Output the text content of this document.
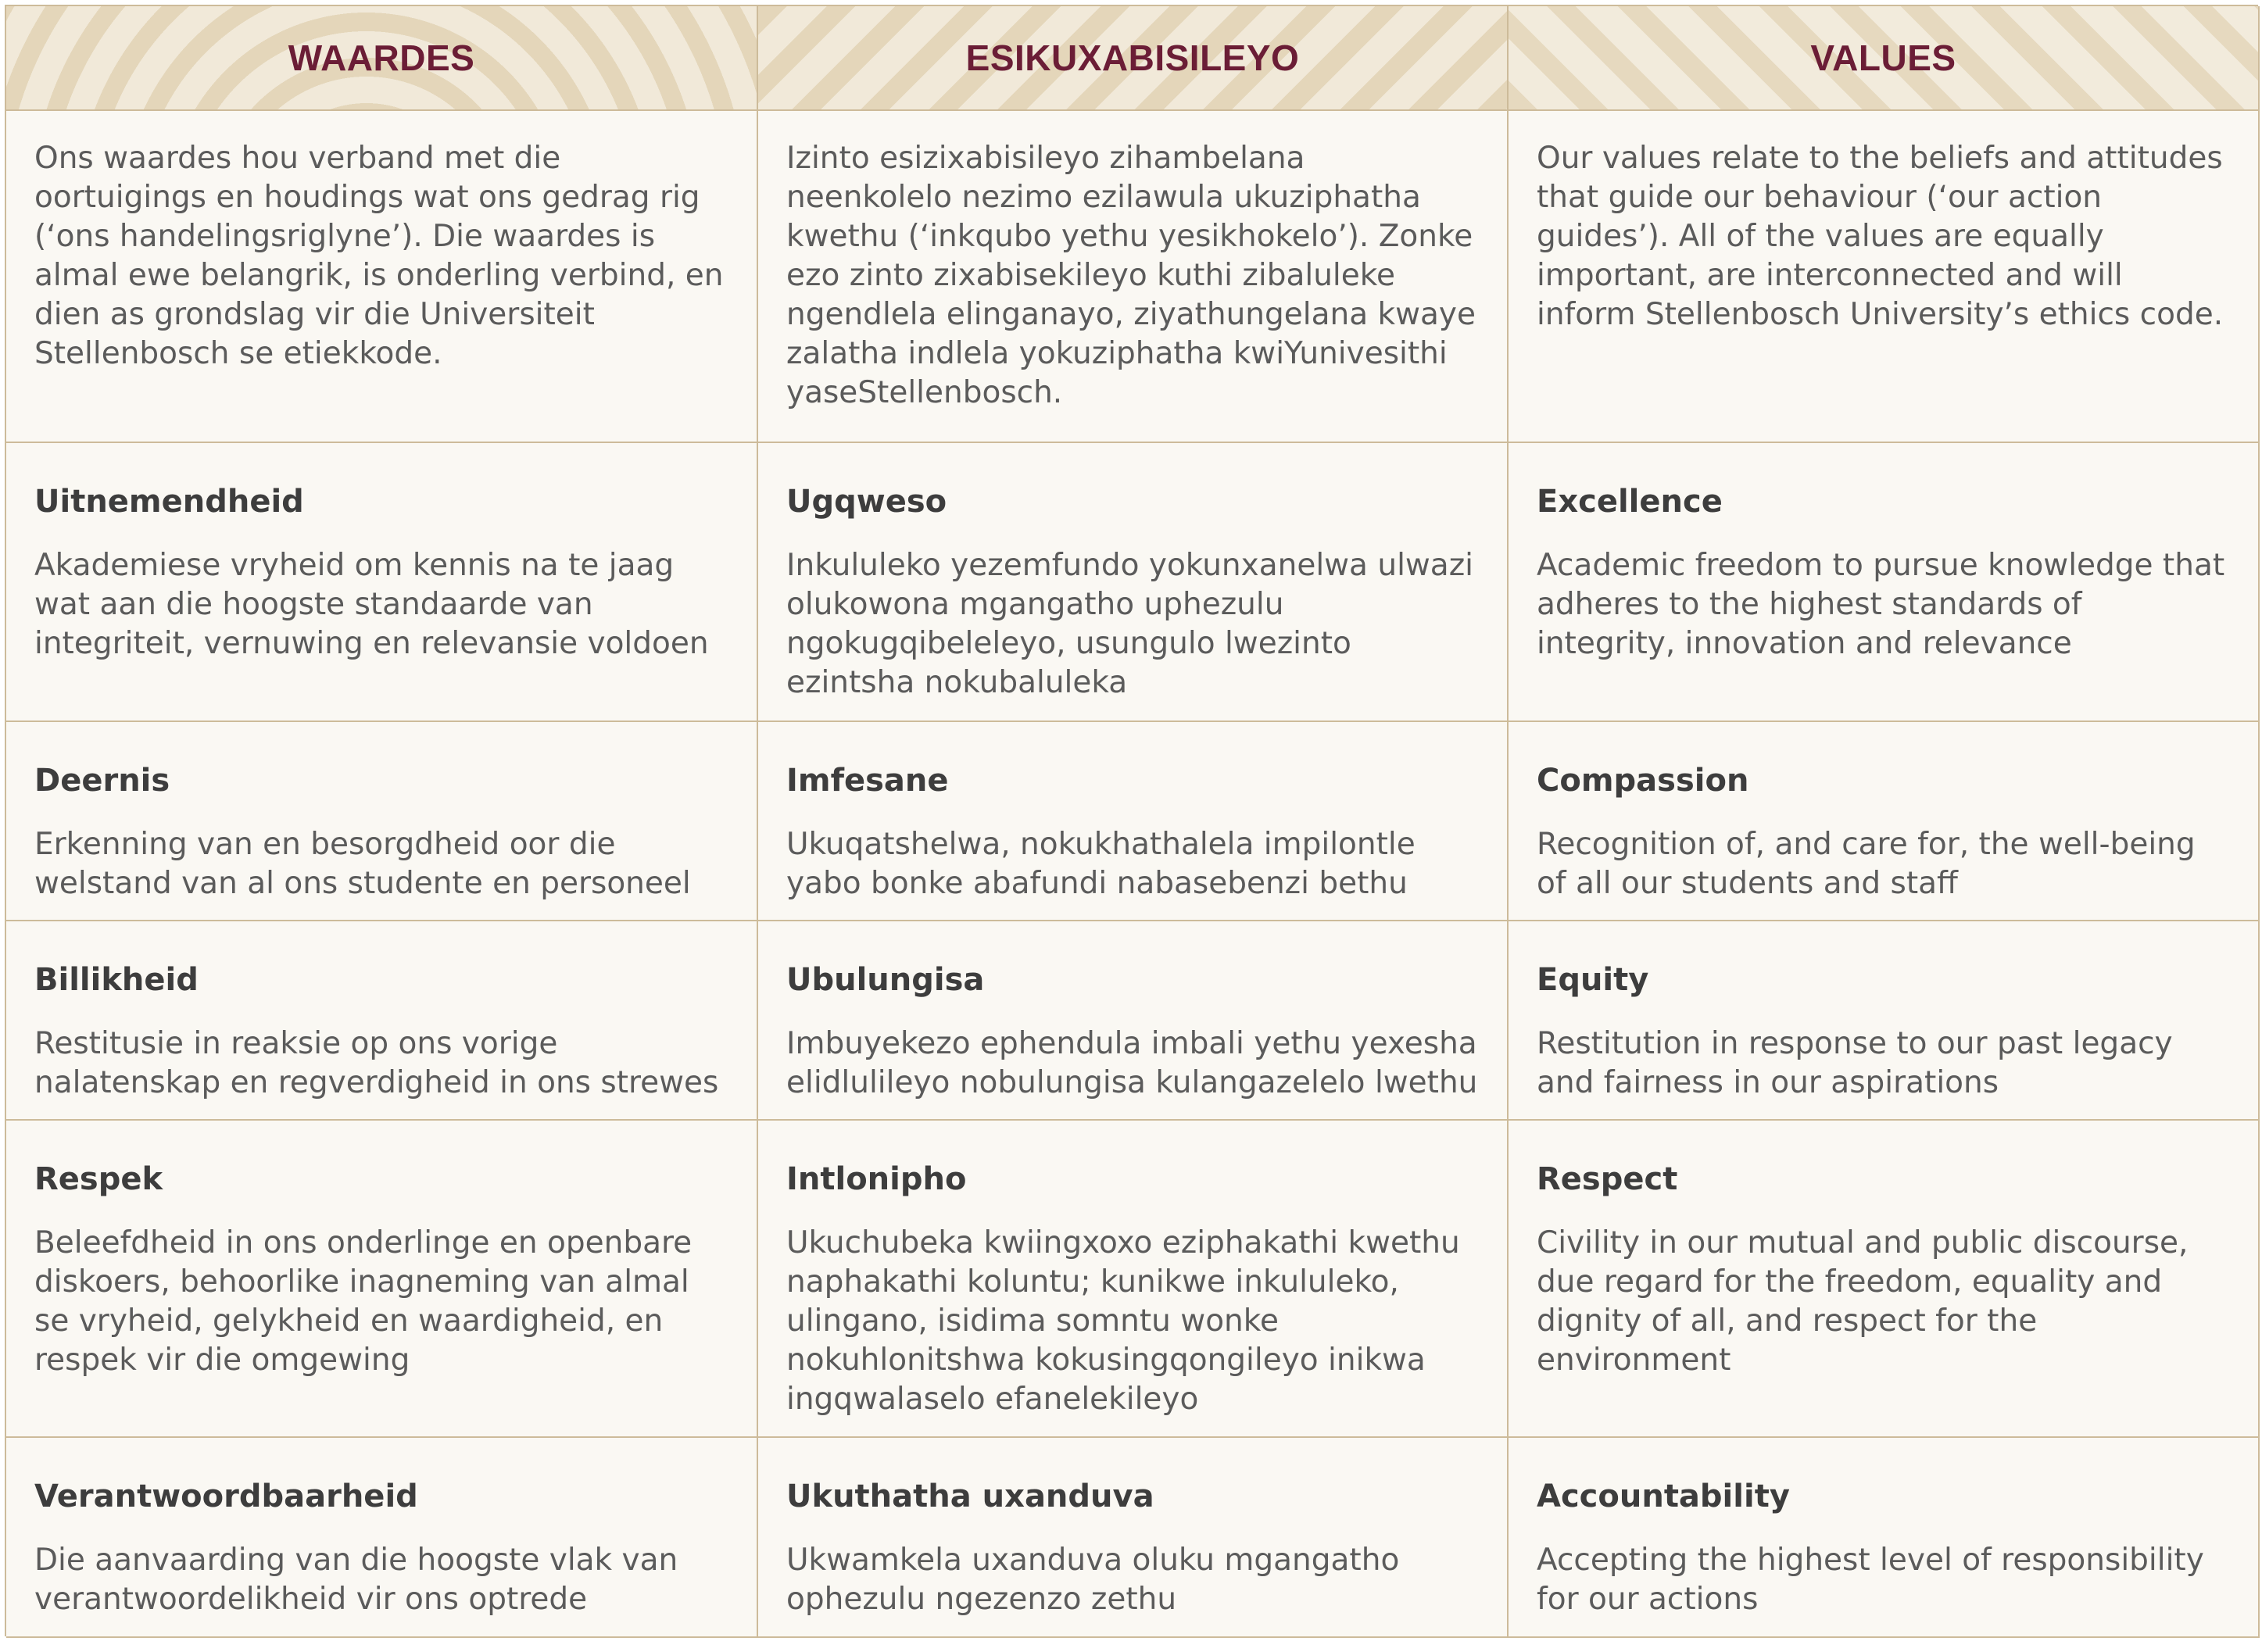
WAARDES	ESIKUXABISILEYO	VALUES

Ons waardes hou verband met die oortuigings en houdings wat ons gedrag rig (‘ons handelingsriglyne’). Die waardes is almal ewe belangrik, is onderling verbind, en dien as grondslag vir die Universiteit Stellenbosch se etiekkode.

Izinto esizixabisileyo zihambelana neenkolelo nezimo ezilawula ukuziphatha kwethu (‘inkqubo yethu yesikhokelo’). Zonke ezo zinto zixabisekileyo kuthi zibaluleke ngendlela elinganayo, ziyathungelana kwaye zalatha indlela yokuziphatha kwiYunivesithi yaseStellenbosch.

Our values relate to the beliefs and attitudes that guide our behaviour (‘our action guides’). All of the values are equally important, are interconnected and will inform Stellenbosch University’s ethics code.

Uitnemendheid

Akademiese vryheid om kennis na te jaag wat aan die hoogste standaarde van integriteit, vernuwing en relevansie voldoen

Ugqweso

Inkululeko yezemfundo yokunxanelwa ulwazi olukowona mgangatho uphezulu ngokugqibeleleyo, usungulo lwezinto ezintsha nokubaluleka

Excellence

Academic freedom to pursue knowledge that adheres to the highest standards of integrity, innovation and relevance

Deernis

Erkenning van en besorgdheid oor die welstand van al ons studente en personeel

Imfesane

Ukuqatshelwa, nokukhathalela impilontle yabo bonke abafundi nabasebenzi bethu

Compassion

Recognition of, and care for, the well-being of all our students and staff

Billikheid

Restitusie in reaksie op ons vorige nalatenskap en regverdigheid in ons strewes

Ubulungisa

Imbuyekezo ephendula imbali yethu yexesha elidlulileyo nobulungisa kulangazelelo lwethu

Equity

Restitution in response to our past legacy and fairness in our aspirations

Respek

Beleefdheid in ons onderlinge en openbare diskoers, behoorlike inagneming van almal se vryheid, gelykheid en waardigheid, en respek vir die omgewing

Intlonipho

Ukuchubeka kwiingxoxo eziphakathi kwethu naphakathi koluntu; kunikwe inkululeko, ulingano, isidima somntu wonke nokuhlonitshwa kokusingqongileyo inikwa ingqwalaselo efanelekileyo

Respect

Civility in our mutual and public discourse, due regard for the freedom, equality and dignity of all, and respect for the environment

Verantwoordbaarheid

Die aanvaarding van die hoogste vlak van verantwoordelikheid vir ons optrede

Ukuthatha uxanduva

Ukwamkela uxanduva oluku mgangatho ophezulu ngezenzo zethu

Accountability

Accepting the highest level of responsibility for our actions
